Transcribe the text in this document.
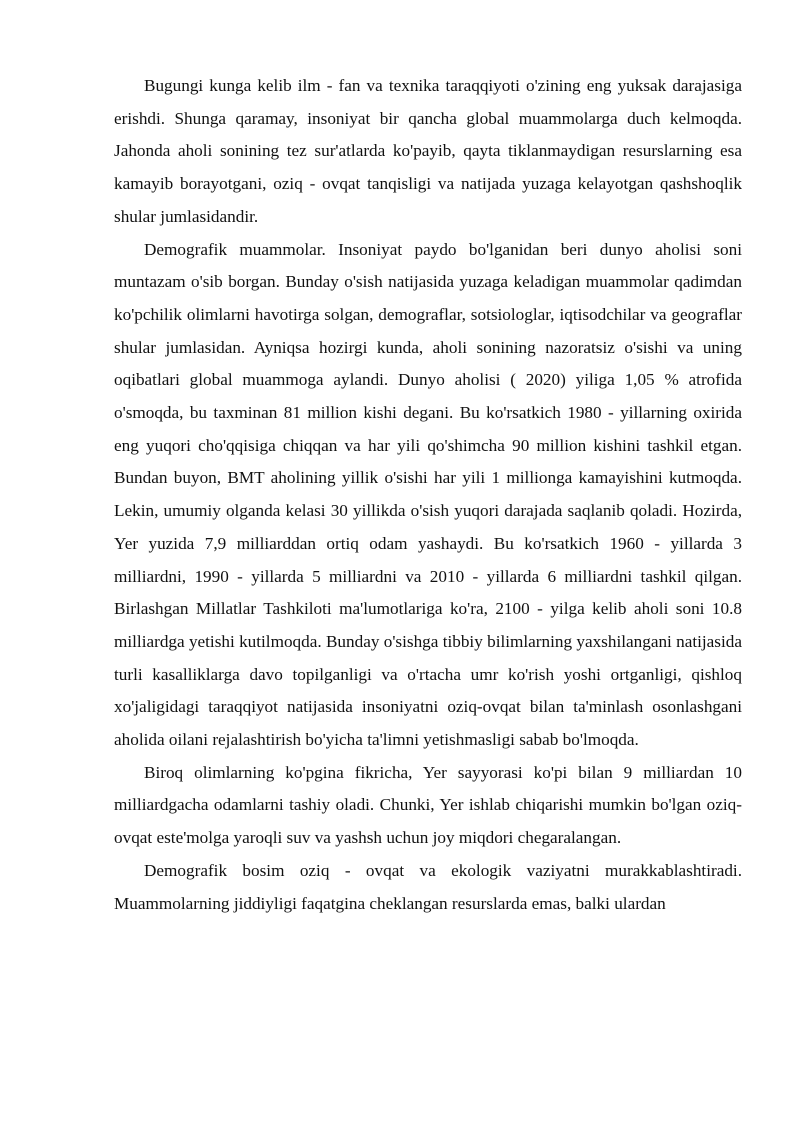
Bugungi kunga kelib ilm - fan va texnika taraqqiyoti o'zining eng yuksak darajasiga erishdi. Shunga qaramay, insoniyat bir qancha global muammolarga duch kelmoqda. Jahonda aholi sonining tez sur'atlarda ko'payib, qayta tiklanmaydigan resurslarning esa kamayib borayotgani, oziq - ovqat tanqisligi va natijada yuzaga kelayotgan qashshoqlik shular jumlasidandir.

Demografik muammolar. Insoniyat paydo bo'lganidan beri dunyo aholisi soni muntazam o'sib borgan. Bunday o'sish natijasida yuzaga keladigan muammolar qadimdan ko'pchilik olimlarni havotirga solgan, demograflar, sotsiologlar, iqtisodchilar va geograflar shular jumlasidan. Ayniqsa hozirgi kunda, aholi sonining nazoratsiz o'sishi va uning oqibatlari global muammoga aylandi. Dunyo aholisi ( 2020) yiliga 1,05 % atrofida o'smoqda, bu taxminan 81 million kishi degani. Bu ko'rsatkich 1980 - yillarning oxirida eng yuqori cho'qqisiga chiqqan va har yili qo'shimcha 90 million kishini tashkil etgan. Bundan buyon, BMT aholining yillik o'sishi har yili 1 millionga kamayishini kutmoqda. Lekin, umumiy olganda kelasi 30 yillikda o'sish yuqori darajada saqlanib qoladi. Hozirda, Yer yuzida 7,9 milliarddan ortiq odam yashaydi. Bu ko'rsatkich 1960 - yillarda 3 milliardni, 1990 - yillarda 5 milliardni va 2010 - yillarda 6 milliardni tashkil qilgan. Birlashgan Millatlar Tashkiloti ma'lumotlariga ko'ra, 2100 - yilga kelib aholi soni 10.8 milliardga yetishi kutilmoqda. Bunday o'sishga tibbiy bilimlarning yaxshilangani natijasida turli kasalliklarga davo topilganligi va o'rtacha umr ko'rish yoshi ortganligi, qishloq xo'jaligidagi taraqqiyot natijasida insoniyatni oziq-ovqat bilan ta'minlash osonlashgani aholida oilani rejalashtirish bo'yicha ta'limni yetishmasligi sabab bo'lmoqda.

Biroq olimlarning ko'pgina fikricha, Yer sayyorasi ko'pi bilan 9 milliardan 10 milliardgacha odamlarni tashiy oladi. Chunki, Yer ishlab chiqarishi mumkin bo'lgan oziq-ovqat este'molga yaroqli suv va yashsh uchun joy miqdori chegaralangan.

Demografik bosim oziq - ovqat va ekologik vaziyatni murakkablashtiradi. Muammolarning jiddiyligi faqatgina cheklangan resurslarda emas, balki ulardan
